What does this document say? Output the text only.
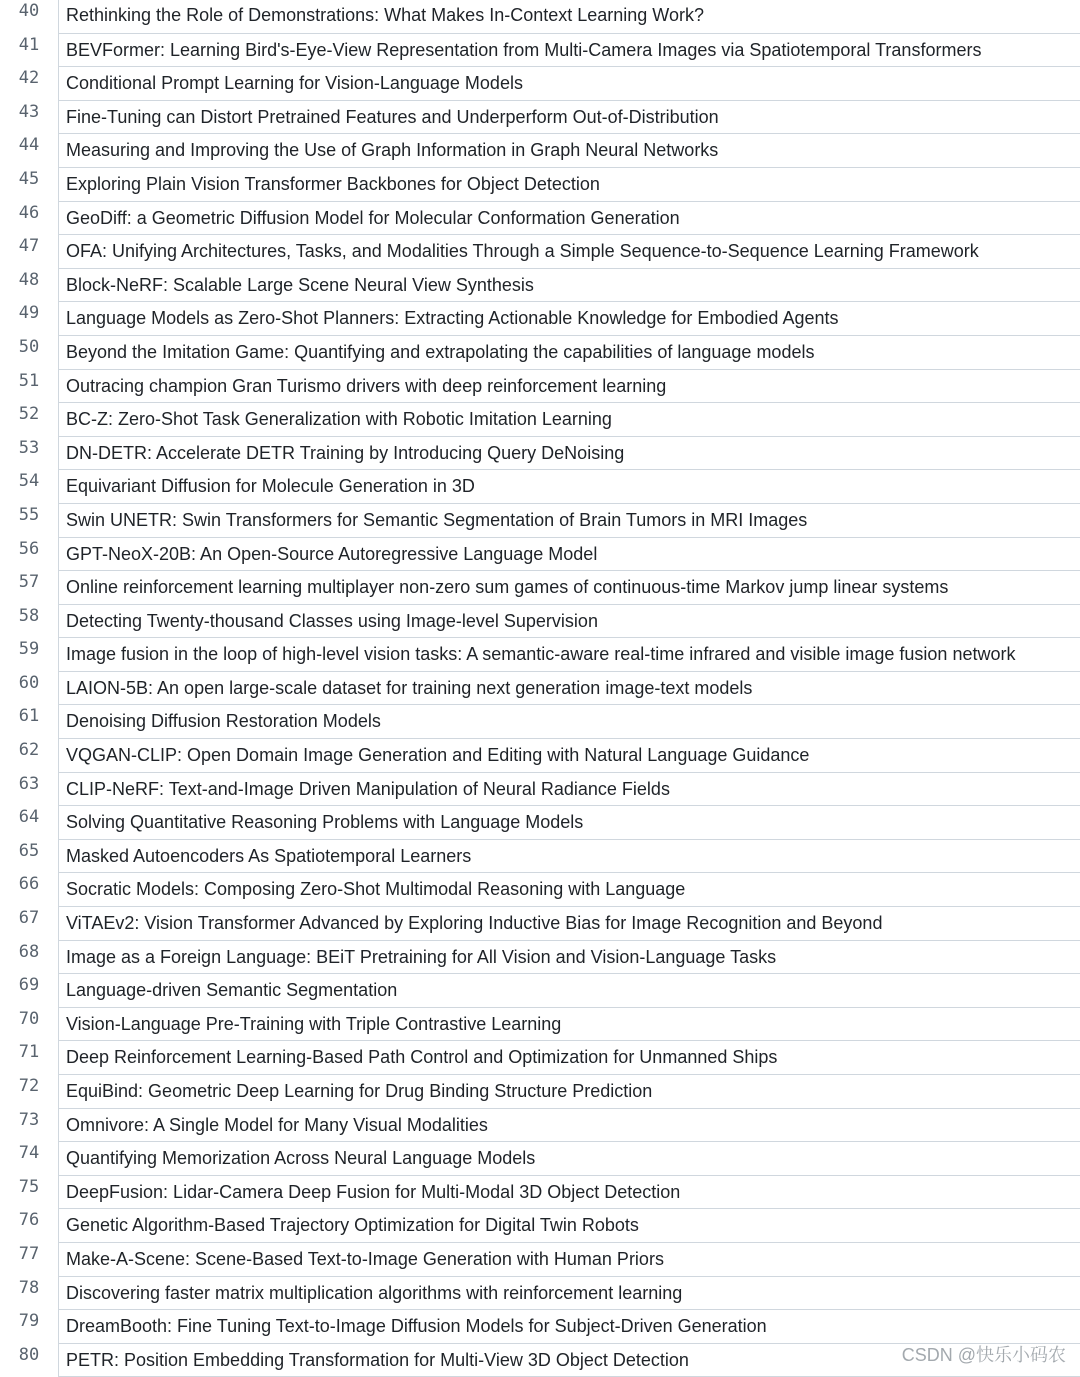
40	Rethinking the Role of Demonstrations: What Makes In-Context Learning Work?
41	BEVFormer: Learning Bird's-Eye-View Representation from Multi-Camera Images via Spatiotemporal Transformers
42	Conditional Prompt Learning for Vision-Language Models
43	Fine-Tuning can Distort Pretrained Features and Underperform Out-of-Distribution
44	Measuring and Improving the Use of Graph Information in Graph Neural Networks
45	Exploring Plain Vision Transformer Backbones for Object Detection
46	GeoDiff: a Geometric Diffusion Model for Molecular Conformation Generation
47	OFA: Unifying Architectures, Tasks, and Modalities Through a Simple Sequence-to-Sequence Learning Framework
48	Block-NeRF: Scalable Large Scene Neural View Synthesis
49	Language Models as Zero-Shot Planners: Extracting Actionable Knowledge for Embodied Agents
50	Beyond the Imitation Game: Quantifying and extrapolating the capabilities of language models
51	Outracing champion Gran Turismo drivers with deep reinforcement learning
52	BC-Z: Zero-Shot Task Generalization with Robotic Imitation Learning
53	DN-DETR: Accelerate DETR Training by Introducing Query DeNoising
54	Equivariant Diffusion for Molecule Generation in 3D
55	Swin UNETR: Swin Transformers for Semantic Segmentation of Brain Tumors in MRI Images
56	GPT-NeoX-20B: An Open-Source Autoregressive Language Model
57	Online reinforcement learning multiplayer non-zero sum games of continuous-time Markov jump linear systems
58	Detecting Twenty-thousand Classes using Image-level Supervision
59	Image fusion in the loop of high-level vision tasks: A semantic-aware real-time infrared and visible image fusion network
60	LAION-5B: An open large-scale dataset for training next generation image-text models
61	Denoising Diffusion Restoration Models
62	VQGAN-CLIP: Open Domain Image Generation and Editing with Natural Language Guidance
63	CLIP-NeRF: Text-and-Image Driven Manipulation of Neural Radiance Fields
64	Solving Quantitative Reasoning Problems with Language Models
65	Masked Autoencoders As Spatiotemporal Learners
66	Socratic Models: Composing Zero-Shot Multimodal Reasoning with Language
67	ViTAEv2: Vision Transformer Advanced by Exploring Inductive Bias for Image Recognition and Beyond
68	Image as a Foreign Language: BEiT Pretraining for All Vision and Vision-Language Tasks
69	Language-driven Semantic Segmentation
70	Vision-Language Pre-Training with Triple Contrastive Learning
71	Deep Reinforcement Learning-Based Path Control and Optimization for Unmanned Ships
72	EquiBind: Geometric Deep Learning for Drug Binding Structure Prediction
73	Omnivore: A Single Model for Many Visual Modalities
74	Quantifying Memorization Across Neural Language Models
75	DeepFusion: Lidar-Camera Deep Fusion for Multi-Modal 3D Object Detection
76	Genetic Algorithm-Based Trajectory Optimization for Digital Twin Robots
77	Make-A-Scene: Scene-Based Text-to-Image Generation with Human Priors
78	Discovering faster matrix multiplication algorithms with reinforcement learning
79	DreamBooth: Fine Tuning Text-to-Image Diffusion Models for Subject-Driven Generation
80	PETR: Position Embedding Transformation for Multi-View 3D Object Detection	CSDN @快乐小码农
